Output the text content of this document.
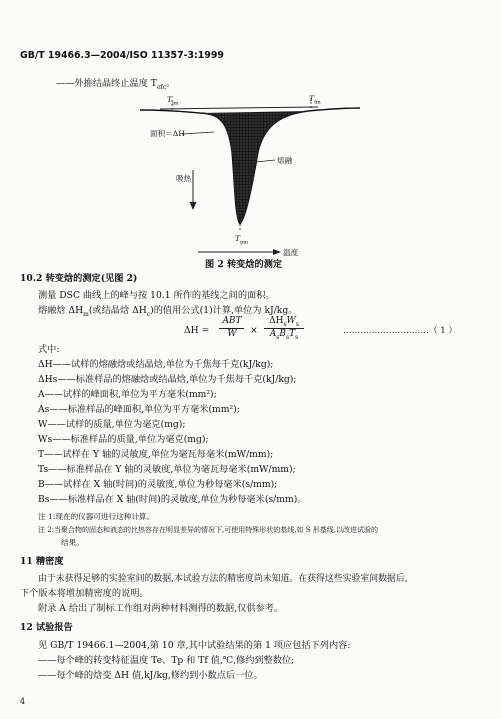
GB/T 19466.3—2004/ISO 11357-3:1999
——外推结晶终止温度 $T_{efc}$。
$T_{im}$
$T_{fm}$
$T_{pm}$
面积＝ΔH
熔融
吸热
温度
图 2 转变焓的测定
10.2 转变焓的测定(见图 2)
测量 DSC 曲线上的峰与按 10.1 所作的基线之间的面积。
熔融焓 $\Delta H_m$(或结晶焓 $\Delta H_c$)的值用公式(1)计算,单位为 kJ/kg。
ΔH =
ABT
W	×
$\Delta H_sW_s$
$A_sB_sT_s$
…………………………（ 1 ）
式中:
ΔH——试样的熔融焓或结晶焓,单位为千焦每千克(kJ/kg);
ΔHs——标准样品的熔融焓或结晶焓,单位为千焦每千克(kJ/kg);
A——试样的峰面积,单位为平方毫米(mm²);
As——标准样品的峰面积,单位为平方毫米(mm²);
W——试样的质量,单位为毫克(mg);
Ws——标准样品的质量,单位为毫克(mg);
T——试样在 Y 轴的灵敏度,单位为毫瓦每毫米(mW/mm);
Ts——标准样品在 Y 轴的灵敏度,单位为毫瓦每毫米(mW/mm);
B——试样在 X 轴(时间)的灵敏度,单位为秒每毫米(s/mm);
Bs——标准样品在 X 轴(时间)的灵敏度,单位为秒每毫米(s/mm)。
注 1:现在的仪器可进行这种计算。
注 2:当聚合物的固态和液态的比热容存在明显差异的情况下,可使用特殊形状的基线,如 S 形基线,以改进试验的
结果。
11 精密度
由于未获得足够的实验室间的数据,本试验方法的精密度尚未知道。在获得这些实验室间数据后,
下个版本将增加精密度的说明。
附录 A 给出了制标工作组对两种材料测得的数据,仅供参考。
12 试验报告
见 GB/T 19466.1—2004,第 10 章,其中试验结果的第 1 项应包括下列内容:
——每个峰的转变特征温度 Te、Tp 和 Tf 值,℃,修约到整数位;
——每个峰的焓变 ΔH 值,kJ/kg,修约到小数点后一位。
4
